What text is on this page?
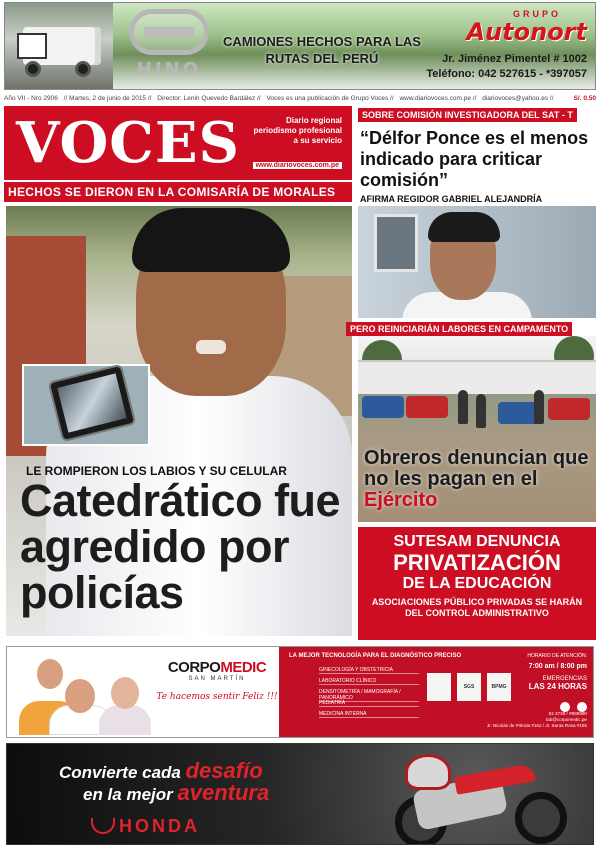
HINO
CAMIONES HECHOS PARA LAS
RUTAS DEL PERÚ
GRUPO
Autonort
Jr. Jiménez Pimentel # 1002
Teléfono: 042 527615 - *397057
Año VII - Nro 2906 // Martes, 2 de junio de 2015 // Director: Lenin Quevedo Bardález // Voces es una publicación de Grupo Voces // www.diariovoces.com.pe // diariovoces@yahoo.es //	S/. 0.50
VOCES	Diario regional periodismo profesional a su servicio
www.diariovoces.com.pe
HECHOS SE DIERON EN LA COMISARÍA DE MORALES
SOBRE COMISIÓN INVESTIGADORA DEL SAT - T
“Délfor Ponce es el menos indicado para criticar comisión”
AFIRMA REGIDOR GABRIEL ALEJANDRÍA
LE ROMPIERON LOS LABIOS Y SU CELULAR
Catedrático fue agredido por policías
PERO REINICIARIÁN LABORES EN CAMPAMENTO
Obreros denuncian que no les pagan en el Ejército
SUTESAM DENUNCIA
PRIVATIZACIÓN
DE LA EDUCACIÓN
ASOCIACIONES PÚBLICO PRIVADAS SE HARÁN DEL CONTROL ADMINISTRATIVO
CORPOMEDIC
SAN MARTÍN
Te hacemos sentir Feliz !!!
LA MEJOR TECNOLOGÍA PARA EL DIAGNÓSTICO PRECISO
GINECOLOGÍA Y OBSTETRICIA
LABORATORIO CLÍNICO
DENSITOMETRÍA / MAMOGRAFÍA / PANORÁMICO
PEDIATRÍA
MEDICINA INTERNA
SGS	BPMG
HORARIO DE ATENCIÓN:
7:00 am / 8:00 pm
EMERGENCIAS
LAS 24 HORAS

52 3739 / #986990
lab@corpomedic.pe
Jr. Nicolás de Piérola #162 / Jr. Santa Rosa #155
Convierte cada desafío
en la mejor aventura
HONDA
